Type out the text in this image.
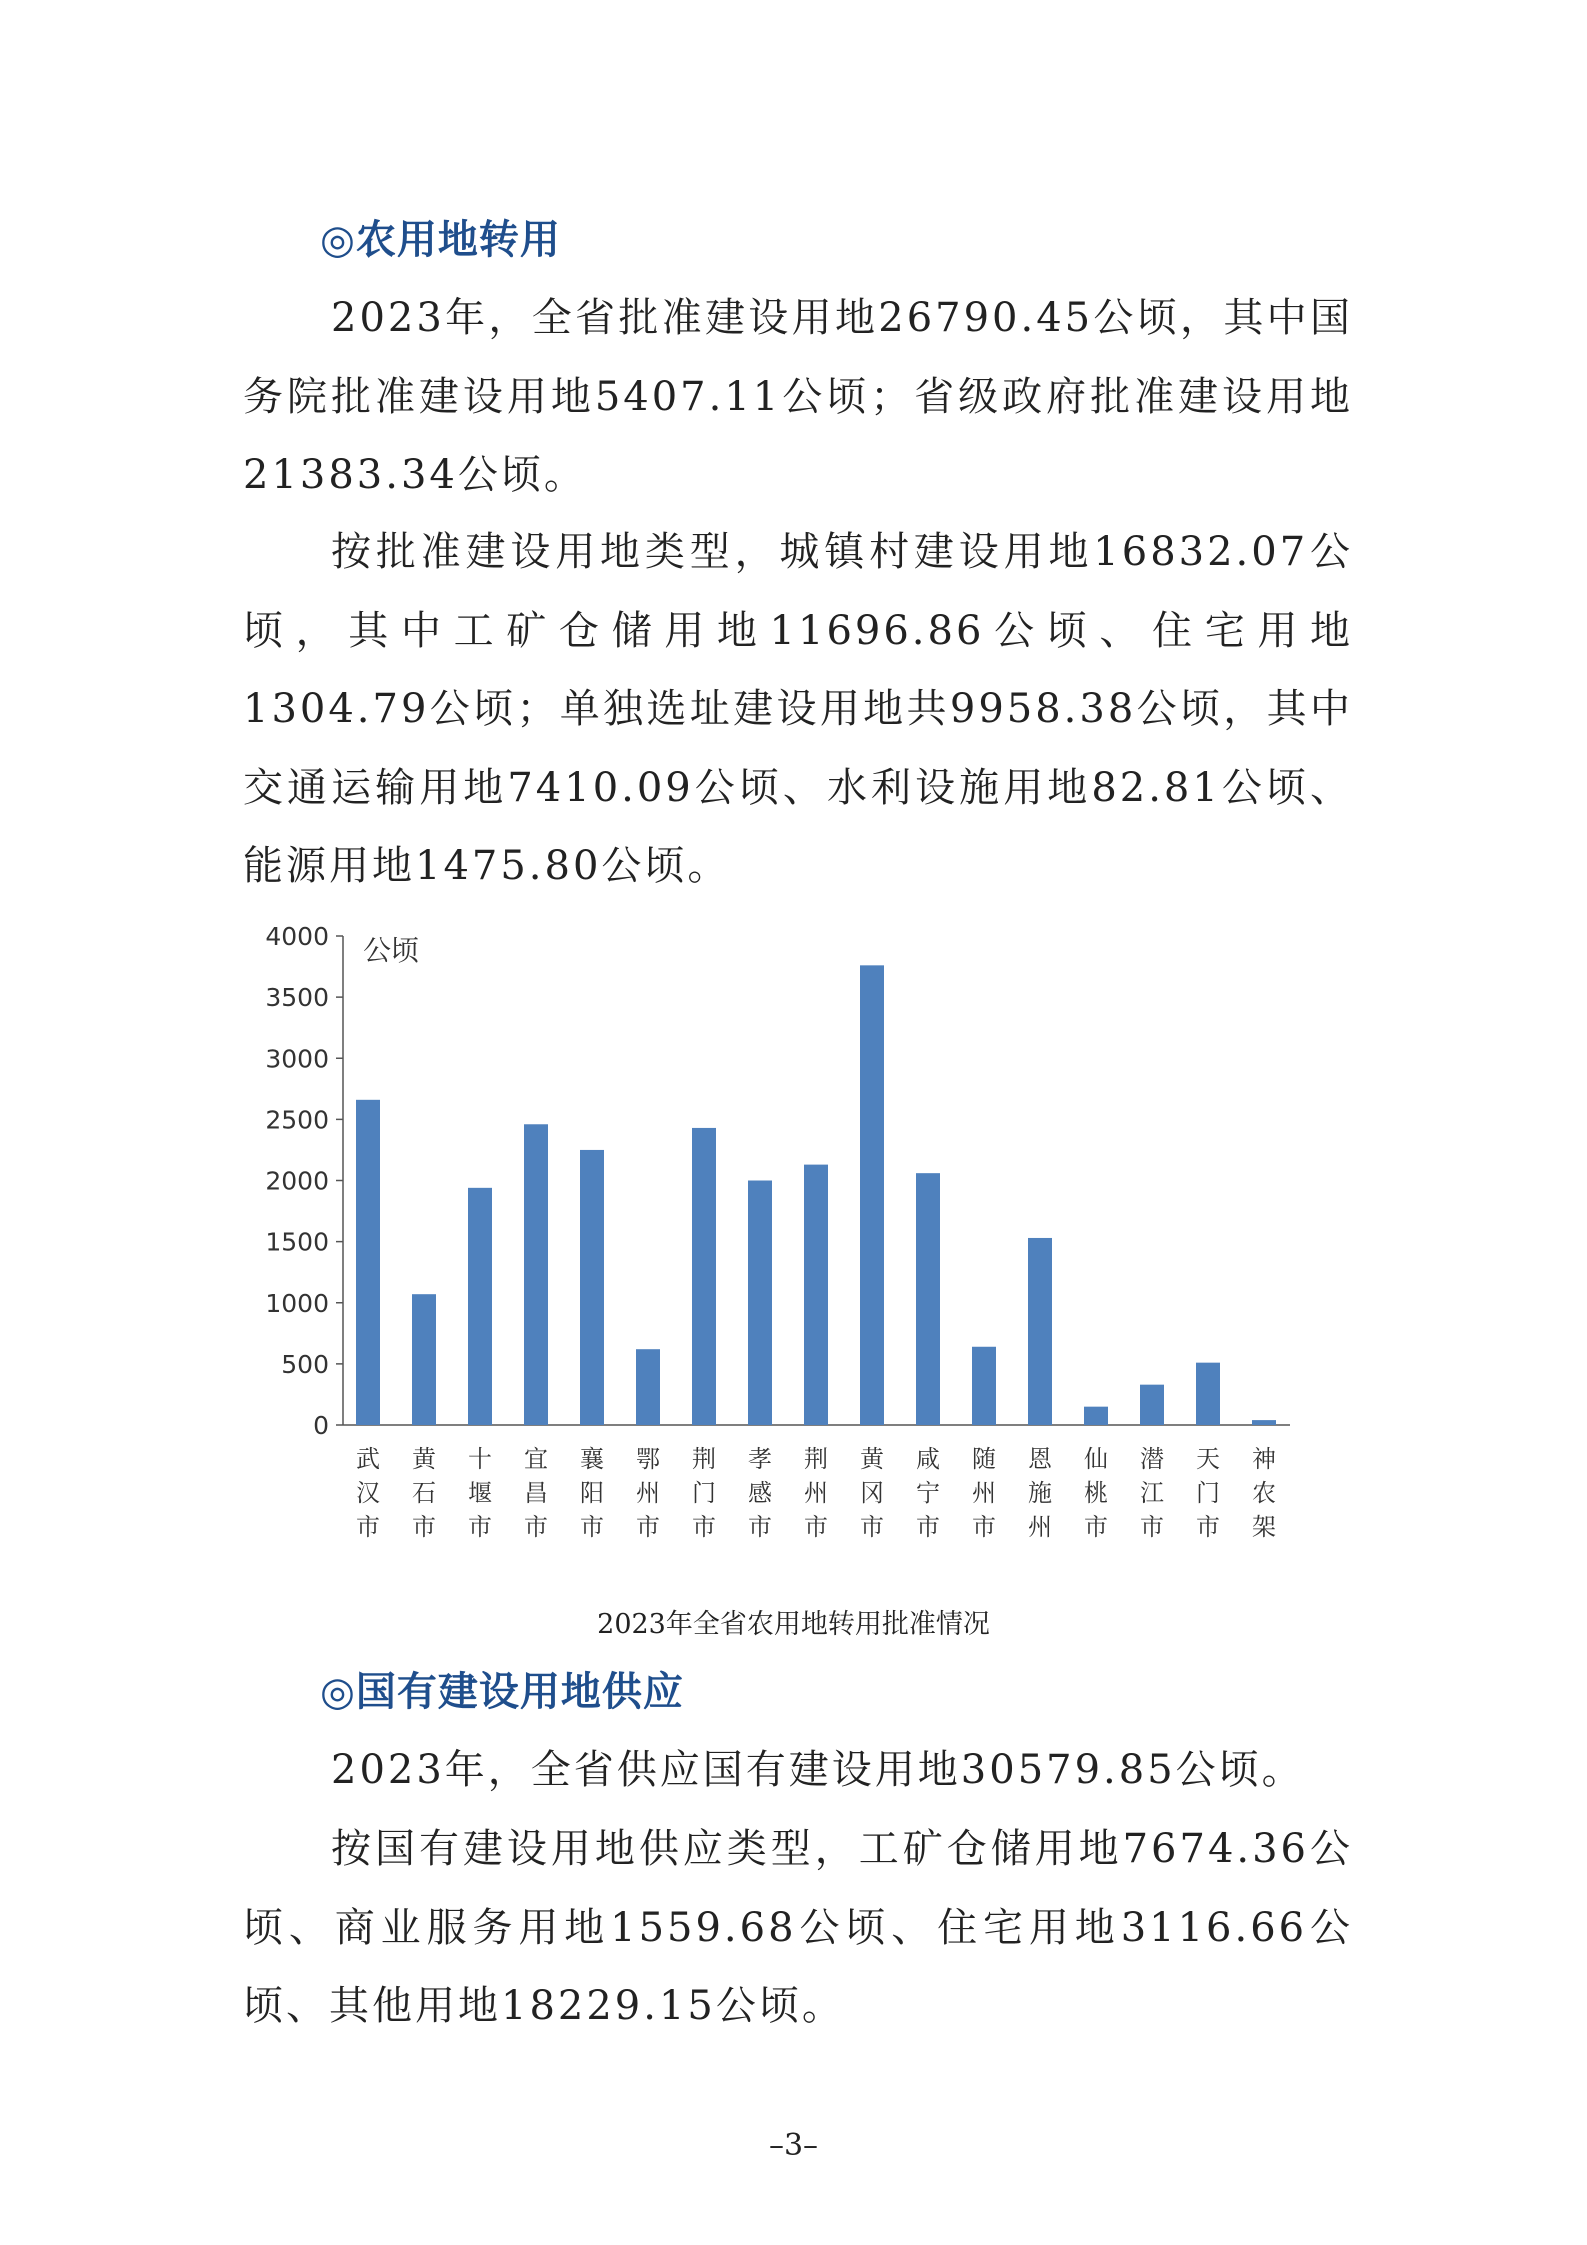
◎农用地转用

2023年，全省批准建设用地26790.45公顷，其中国务院批准建设用地5407.11公顷；省级政府批准建设用地21383.34公顷。

按批准建设用地类型，城镇村建设用地16832.07公顷，其中工矿仓储用地11696.86公顷、住宅用地1304.79公顷；单独选址建设用地共9958.38公顷，其中交通运输用地7410.09公顷、水利设施用地82.81公顷、能源用地1475.80公顷。

0
500
1000
1500
2000
2500
3000
3500
4000 公顷
武汉市
黄石市
十堰市
宜昌市
襄阳市
鄂州市
荆门市
孝感市
荆州市
黄冈市
咸宁市
随州市
恩施州
仙桃市
潜江市
天门市
神农架

2023年全省农用地转用批准情况

◎国有建设用地供应

2023年，全省供应国有建设用地30579.85公顷。

按国有建设用地供应类型，工矿仓储用地7674.36公顷、商业服务用地1559.68公顷、住宅用地3116.66公顷、其他用地18229.15公顷。

–3–
